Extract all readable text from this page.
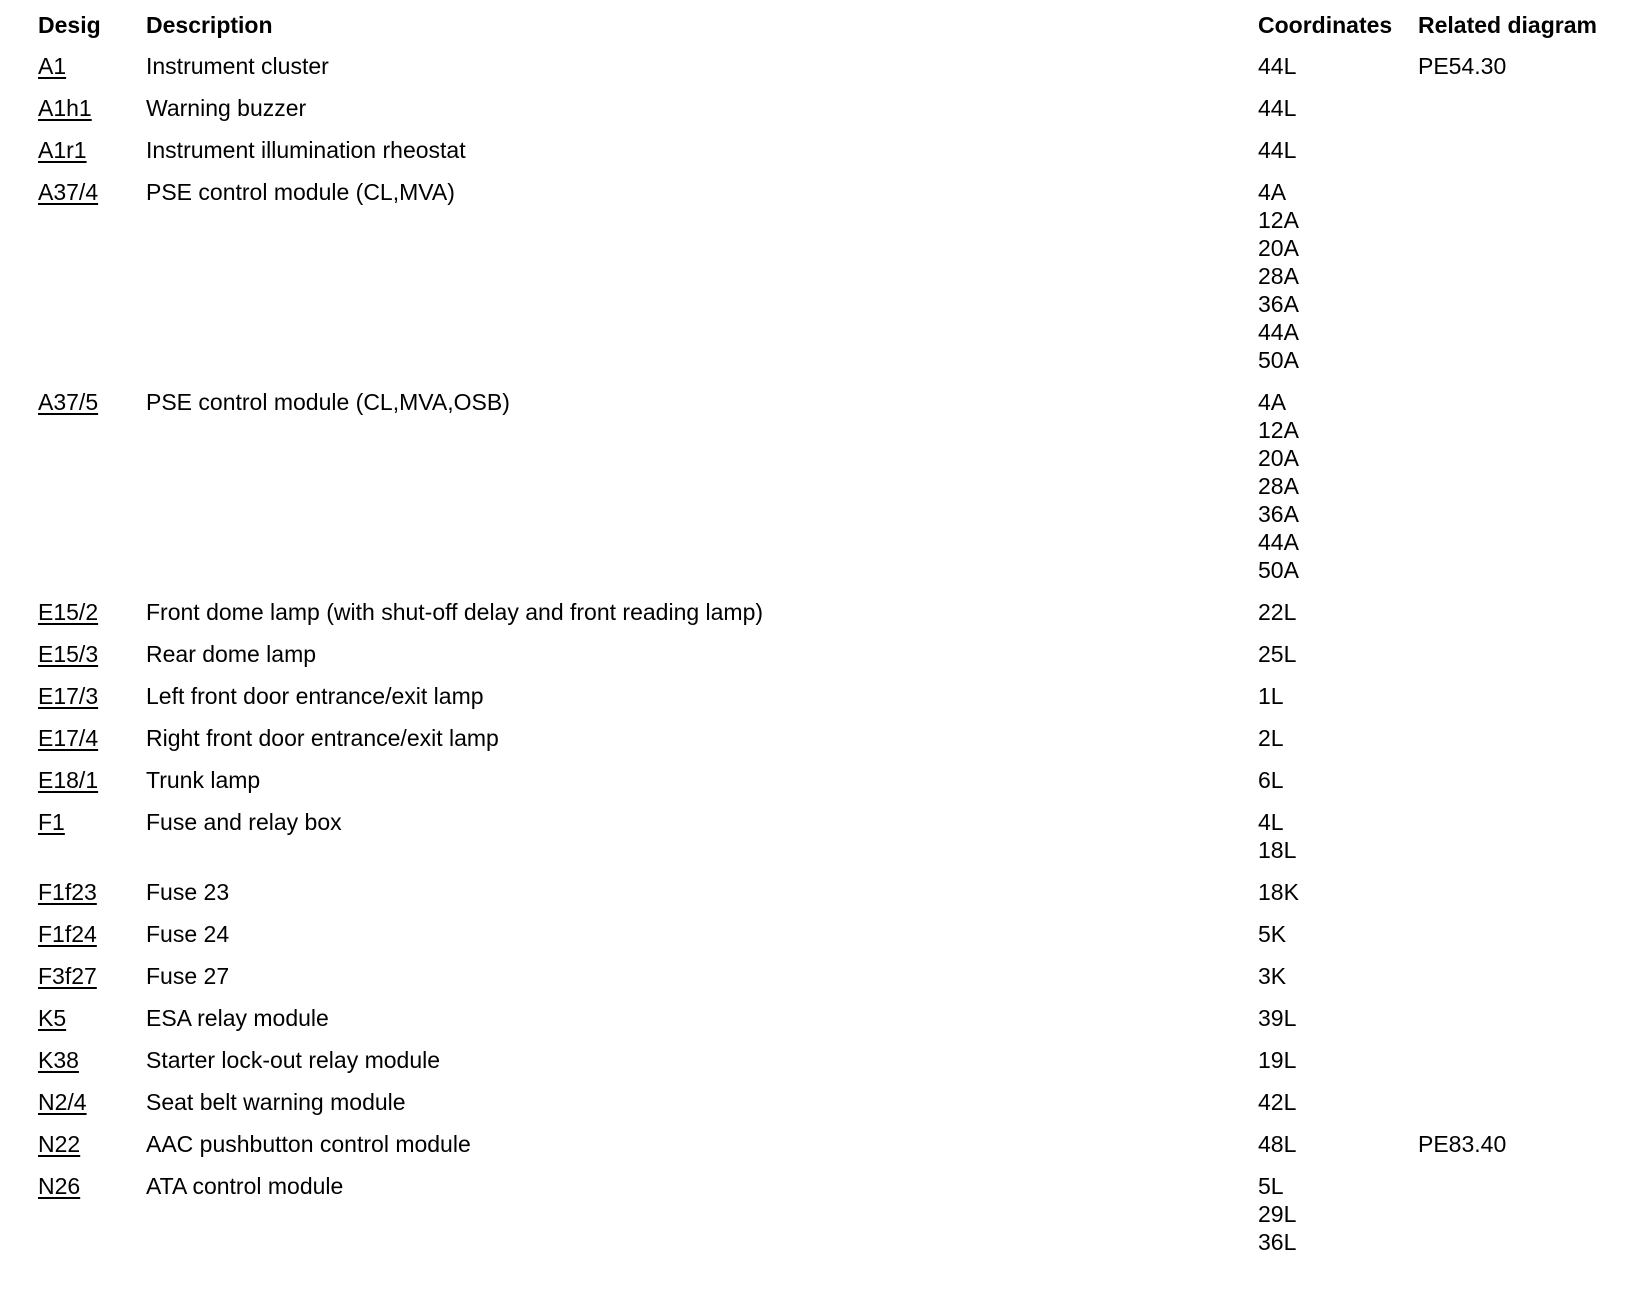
Desig Description	Coordinates Related diagram
A1	Instrument cluster	44L	PE54.30
A1h1 Warning buzzer	44L
A1r1	Instrument illumination rheostat	44L
A37/4 PSE control module (CL,MVA)	4A
12A
20A
28A
36A
44A
50A
A37/5 PSE control module (CL,MVA,OSB)	4A
12A
20A
28A
36A
44A
50A
E15/2 Front dome lamp (with shut-off delay and front reading lamp)	22L
E15/3 Rear dome lamp	25L
E17/3 Left front door entrance/exit lamp	1L
E17/4 Right front door entrance/exit lamp	2L
E18/1 Trunk lamp	6L
F1	Fuse and relay box	4L
18L
F1f23 Fuse 23	18K
F1f24 Fuse 24	5K
F3f27 Fuse 27	3K
K5	ESA relay module	39L
K38	Starter lock-out relay module	19L
N2/4	Seat belt warning module	42L
N22	AAC pushbutton control module	48L	PE83.40
N26	ATA control module	5L
29L
36L
